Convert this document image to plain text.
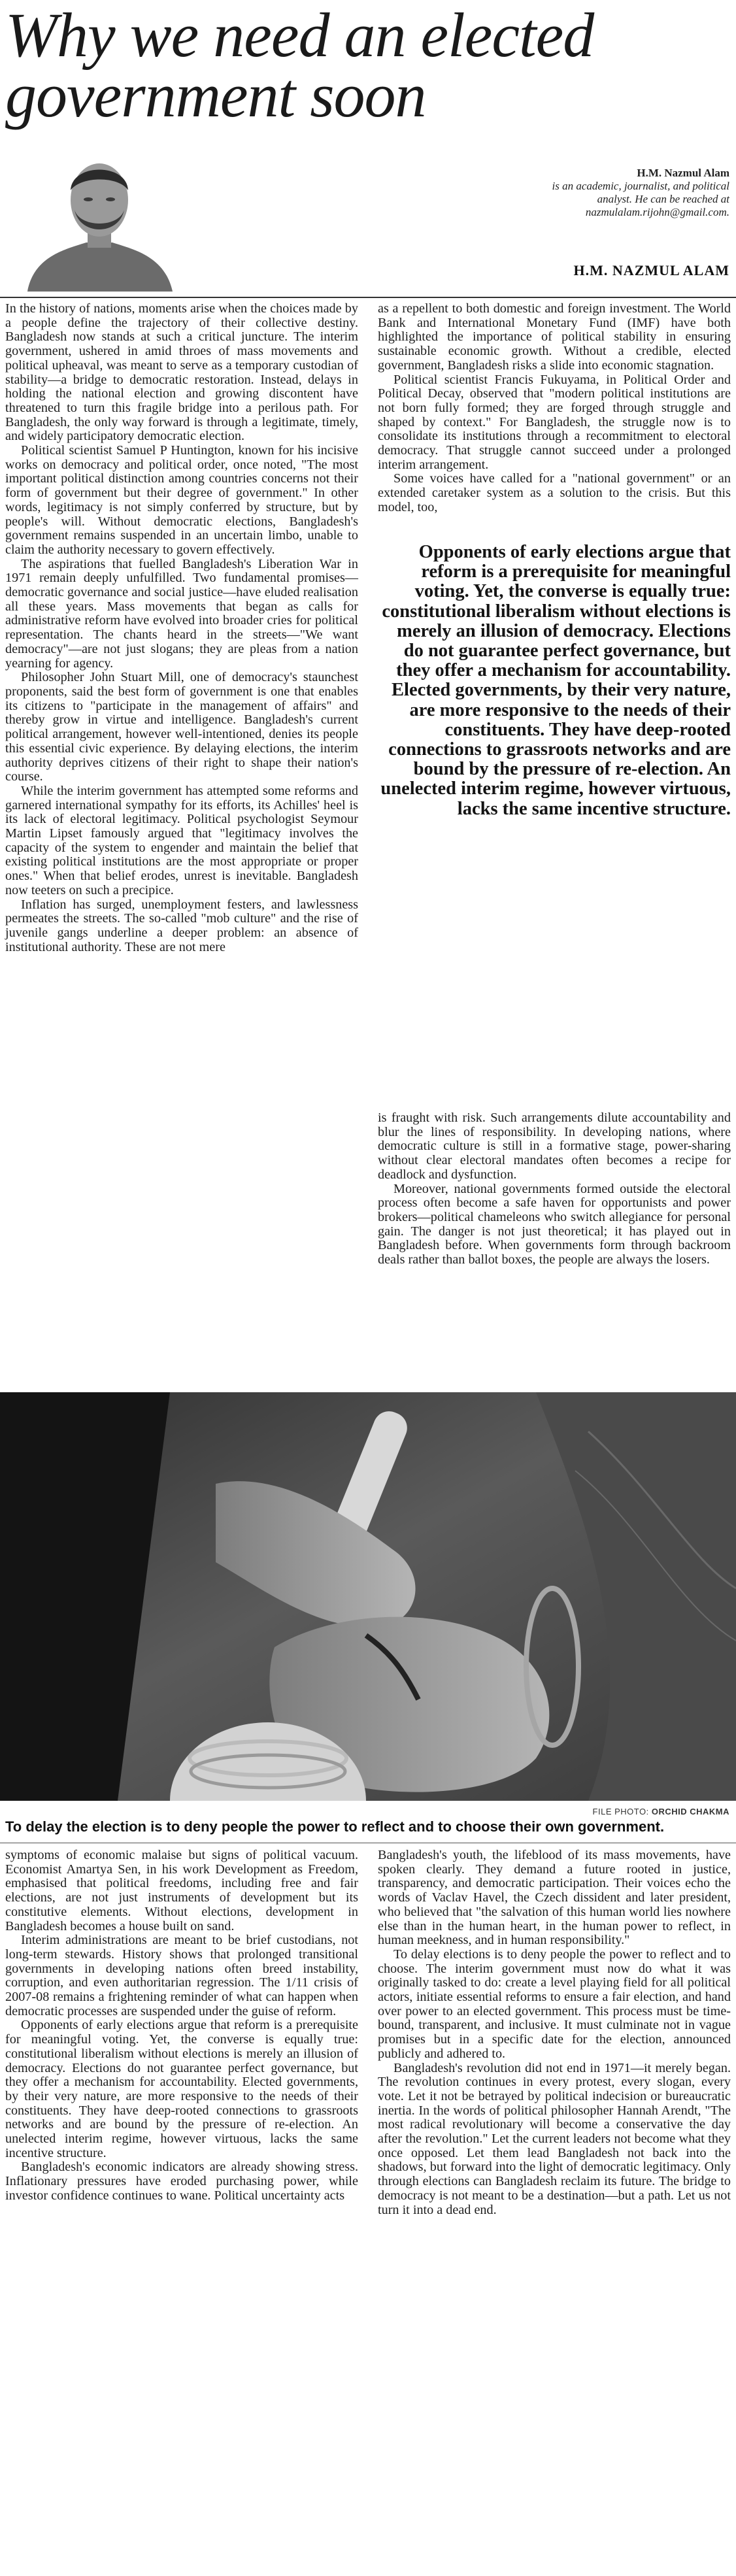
Why we need an elected government soon
H.M. Nazmul Alam
is an academic, journalist, and political analyst. He can be reached at nazmulalam.rijohn@gmail.com.
H.M. NAZMUL ALAM

In the history of nations, moments arise when the choices made by a people define the trajectory of their collective destiny. Bangladesh now stands at such a critical juncture. The interim government, ushered in amid throes of mass movements and political upheaval, was meant to serve as a temporary custodian of stability—a bridge to democratic restoration. Instead, delays in holding the national election and growing discontent have threatened to turn this fragile bridge into a perilous path. For Bangladesh, the only way forward is through a legitimate, timely, and widely participatory democratic election.

Political scientist Samuel P Huntington, known for his incisive works on democracy and political order, once noted, "The most important political distinction among countries concerns not their form of government but their degree of government." In other words, legitimacy is not simply conferred by structure, but by people's will. Without democratic elections, Bangladesh's government remains suspended in an uncertain limbo, unable to claim the authority necessary to govern effectively.

The aspirations that fuelled Bangladesh's Liberation War in 1971 remain deeply unfulfilled. Two fundamental promises—democratic governance and social justice—have eluded realisation all these years. Mass movements that began as calls for administrative reform have evolved into broader cries for political representation. The chants heard in the streets—"We want democracy"—are not just slogans; they are pleas from a nation yearning for agency.

Philosopher John Stuart Mill, one of democracy's staunchest proponents, said the best form of government is one that enables its citizens to "participate in the management of affairs" and thereby grow in virtue and intelligence. Bangladesh's current political arrangement, however well-intentioned, denies its people this essential civic experience. By delaying elections, the interim authority deprives citizens of their right to shape their nation's course.

While the interim government has attempted some reforms and garnered international sympathy for its efforts, its Achilles' heel is its lack of electoral legitimacy. Political psychologist Seymour Martin Lipset famously argued that "legitimacy involves the capacity of the system to engender and maintain the belief that existing political institutions are the most appropriate or proper ones." When that belief erodes, unrest is inevitable. Bangladesh now teeters on such a precipice.

Inflation has surged, unemployment festers, and lawlessness permeates the streets. The so-called "mob culture" and the rise of juvenile gangs underline a deeper problem: an absence of institutional authority. These are not mere

as a repellent to both domestic and foreign investment. The World Bank and International Monetary Fund (IMF) have both highlighted the importance of political stability in ensuring sustainable economic growth. Without a credible, elected government, Bangladesh risks a slide into economic stagnation.

Political scientist Francis Fukuyama, in Political Order and Political Decay, observed that "modern political institutions are not born fully formed; they are forged through struggle and shaped by context." For Bangladesh, the struggle now is to consolidate its institutions through a recommitment to electoral democracy. That struggle cannot succeed under a prolonged interim arrangement.

Some voices have called for a "national government" or an extended caretaker system as a solution to the crisis. But this model, too,

Opponents of early elections argue that reform is a prerequisite for meaningful voting. Yet, the converse is equally true: constitutional liberalism without elections is merely an illusion of democracy. Elections do not guarantee perfect governance, but they offer a mechanism for accountability. Elected governments, by their very nature, are more responsive to the needs of their constituents. They have deep-rooted connections to grassroots networks and are bound by the pressure of re-election. An unelected interim regime, however virtuous, lacks the same incentive structure.

is fraught with risk. Such arrangements dilute accountability and blur the lines of responsibility. In developing nations, where democratic culture is still in a formative stage, power-sharing without clear electoral mandates often becomes a recipe for deadlock and dysfunction.

Moreover, national governments formed outside the electoral process often become a safe haven for opportunists and power brokers—political chameleons who switch allegiance for personal gain. The danger is not just theoretical; it has played out in Bangladesh before. When governments form through backroom deals rather than ballot boxes, the people are always the losers.

FILE PHOTO: ORCHID CHAKMA
To delay the election is to deny people the power to reflect and to choose their own government.

symptoms of economic malaise but signs of political vacuum. Economist Amartya Sen, in his work Development as Freedom, emphasised that political freedoms, including free and fair elections, are not just instruments of development but its constitutive elements. Without elections, development in Bangladesh becomes a house built on sand.

Interim administrations are meant to be brief custodians, not long-term stewards. History shows that prolonged transitional governments in developing nations often breed instability, corruption, and even authoritarian regression. The 1/11 crisis of 2007-08 remains a frightening reminder of what can happen when democratic processes are suspended under the guise of reform.

Opponents of early elections argue that reform is a prerequisite for meaningful voting. Yet, the converse is equally true: constitutional liberalism without elections is merely an illusion of democracy. Elections do not guarantee perfect governance, but they offer a mechanism for accountability. Elected governments, by their very nature, are more responsive to the needs of their constituents. They have deep-rooted connections to grassroots networks and are bound by the pressure of re-election. An unelected interim regime, however virtuous, lacks the same incentive structure.

Bangladesh's economic indicators are already showing stress. Inflationary pressures have eroded purchasing power, while investor confidence continues to wane. Political uncertainty acts

Bangladesh's youth, the lifeblood of its mass movements, have spoken clearly. They demand a future rooted in justice, transparency, and democratic participation. Their voices echo the words of Vaclav Havel, the Czech dissident and later president, who believed that "the salvation of this human world lies nowhere else than in the human heart, in the human power to reflect, in human meekness, and in human responsibility."

To delay elections is to deny people the power to reflect and to choose. The interim government must now do what it was originally tasked to do: create a level playing field for all political actors, initiate essential reforms to ensure a fair election, and hand over power to an elected government. This process must be time-bound, transparent, and inclusive. It must culminate not in vague promises but in a specific date for the election, announced publicly and adhered to.

Bangladesh's revolution did not end in 1971—it merely began. The revolution continues in every protest, every slogan, every vote. Let it not be betrayed by political indecision or bureaucratic inertia. In the words of political philosopher Hannah Arendt, "The most radical revolutionary will become a conservative the day after the revolution." Let the current leaders not become what they once opposed. Let them lead Bangladesh not back into the shadows, but forward into the light of democratic legitimacy. Only through elections can Bangladesh reclaim its future. The bridge to democracy is not meant to be a destination—but a path. Let us not turn it into a dead end.
